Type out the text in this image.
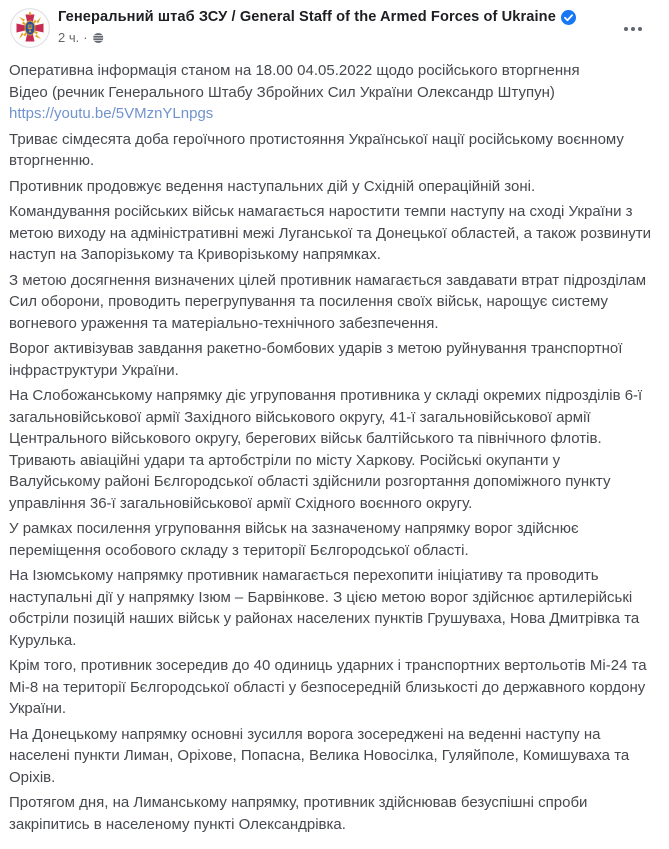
Генеральний штаб ЗСУ / General Staff of the Armed Forces of Ukraine
2 ч. ·

Оперативна інформація станом на 18.00 04.05.2022 щодо російського вторгнення
Відео (речник Генерального Штабу Збройних Сил України Олександр Штупун)
https://youtu.be/5VMznYLnpgs

Триває сімдесята доба героїчного протистояння Української нації російському воєнному вторгненню.

Противник продовжує ведення наступальних дій у Східній операційній зоні.

Командування російських військ намагається наростити темпи наступу на сході України з метою виходу на адміністративні межі Луганської та Донецької областей, а також розвинути наступ на Запорізькому та Криворізькому напрямках.

З метою досягнення визначених цілей противник намагається завдавати втрат підрозділам Сил оборони, проводить перегрупування та посилення своїх військ, нарощує систему вогневого ураження та матеріально-технічного забезпечення.

Ворог активізував завдання ракетно-бомбових ударів з метою руйнування транспортної інфраструктури України.

На Слобожанському напрямку діє угруповання противника у складі окремих підрозділів 6-ї загальновійськової армії Західного військового округу, 41-ї загальновійськової армії Центрального військового округу, берегових військ балтійського та північного флотів. Тривають авіаційні удари та артобстріли по місту Харкову. Російські окупанти у Валуйському районі Бєлгородської області здійснили розгортання допоміжного пункту управління 36-ї загальновійськової армії Східного воєнного округу.

У рамках посилення угруповання військ на зазначеному напрямку ворог здійснює переміщення особового складу з території Бєлгородської області.

На Ізюмському напрямку противник намагається перехопити ініціативу та проводить наступальні дії у напрямку Ізюм – Барвінкове. З цією метою ворог здійснює артилерійські обстріли позицій наших військ у районах населених пунктів Грушуваха, Нова Дмитрівка та Курулька.

Крім того, противник зосередив до 40 одиниць ударних і транспортних вертольотів Мі-24 та Мі-8 на території Бєлгородської області у безпосередній близькості до державного кордону України.

На Донецькому напрямку основні зусилля ворога зосереджені на веденні наступу на населені пункти Лиман, Оріхове, Попасна, Велика Новосілка, Гуляйполе, Комишуваха та Оріхів.

Протягом дня, на Лиманському напрямку, противник здійснював безуспішні спроби закріпитись в населеному пункті Олександрівка.
